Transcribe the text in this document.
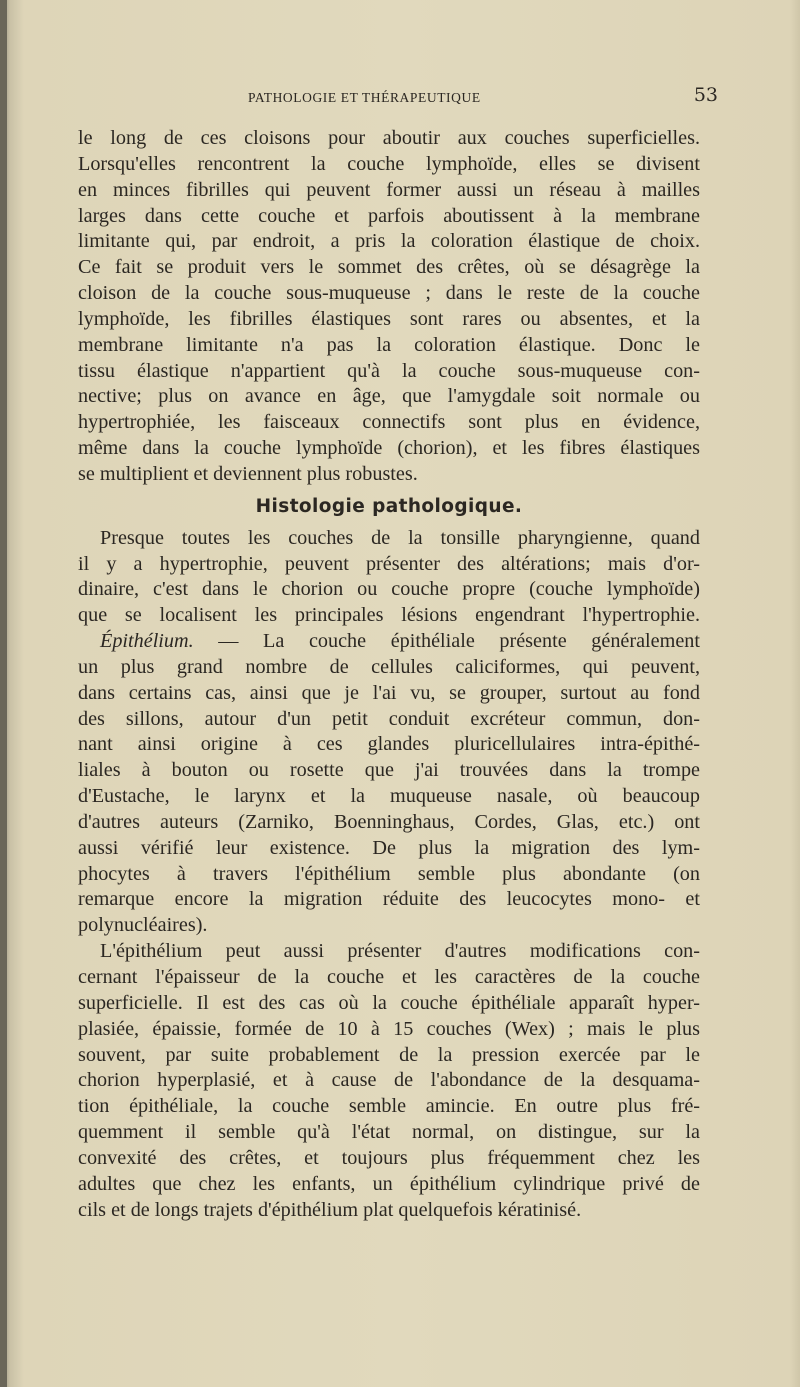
PATHOLOGIE ET THÉRAPEUTIQUE	53
le long de ces cloisons pour aboutir aux couches superficielles.
Lorsqu'elles rencontrent la couche lymphoïde, elles se divisent
en minces fibrilles qui peuvent former aussi un réseau à mailles
larges dans cette couche et parfois aboutissent à la membrane
limitante qui, par endroit, a pris la coloration élastique de choix.
Ce fait se produit vers le sommet des crêtes, où se désagrège la
cloison de la couche sous-muqueuse ; dans le reste de la couche
lymphoïde, les fibrilles élastiques sont rares ou absentes, et la
membrane limitante n'a pas la coloration élastique. Donc le
tissu élastique n'appartient qu'à la couche sous-muqueuse con-
nective; plus on avance en âge, que l'amygdale soit normale ou
hypertrophiée, les faisceaux connectifs sont plus en évidence,
même dans la couche lymphoïde (chorion), et les fibres élastiques
se multiplient et deviennent plus robustes.
Histologie pathologique.
Presque toutes les couches de la tonsille pharyngienne, quand
il y a hypertrophie, peuvent présenter des altérations; mais d'or-
dinaire, c'est dans le chorion ou couche propre (couche lymphoïde)
que se localisent les principales lésions engendrant l'hypertrophie.
Épithélium. — La couche épithéliale présente généralement
un plus grand nombre de cellules caliciformes, qui peuvent,
dans certains cas, ainsi que je l'ai vu, se grouper, surtout au fond
des sillons, autour d'un petit conduit excréteur commun, don-
nant ainsi origine à ces glandes pluricellulaires intra-épithé-
liales à bouton ou rosette que j'ai trouvées dans la trompe
d'Eustache, le larynx et la muqueuse nasale, où beaucoup
d'autres auteurs (Zarniko, Boenninghaus, Cordes, Glas, etc.) ont
aussi vérifié leur existence. De plus la migration des lym-
phocytes à travers l'épithélium semble plus abondante (on
remarque encore la migration réduite des leucocytes mono- et
polynucléaires).
L'épithélium peut aussi présenter d'autres modifications con-
cernant l'épaisseur de la couche et les caractères de la couche
superficielle. Il est des cas où la couche épithéliale apparaît hyper-
plasiée, épaissie, formée de 10 à 15 couches (Wex) ; mais le plus
souvent, par suite probablement de la pression exercée par le
chorion hyperplasié, et à cause de l'abondance de la desquama-
tion épithéliale, la couche semble amincie. En outre plus fré-
quemment il semble qu'à l'état normal, on distingue, sur la
convexité des crêtes, et toujours plus fréquemment chez les
adultes que chez les enfants, un épithélium cylindrique privé de
cils et de longs trajets d'épithélium plat quelquefois kératinisé.
